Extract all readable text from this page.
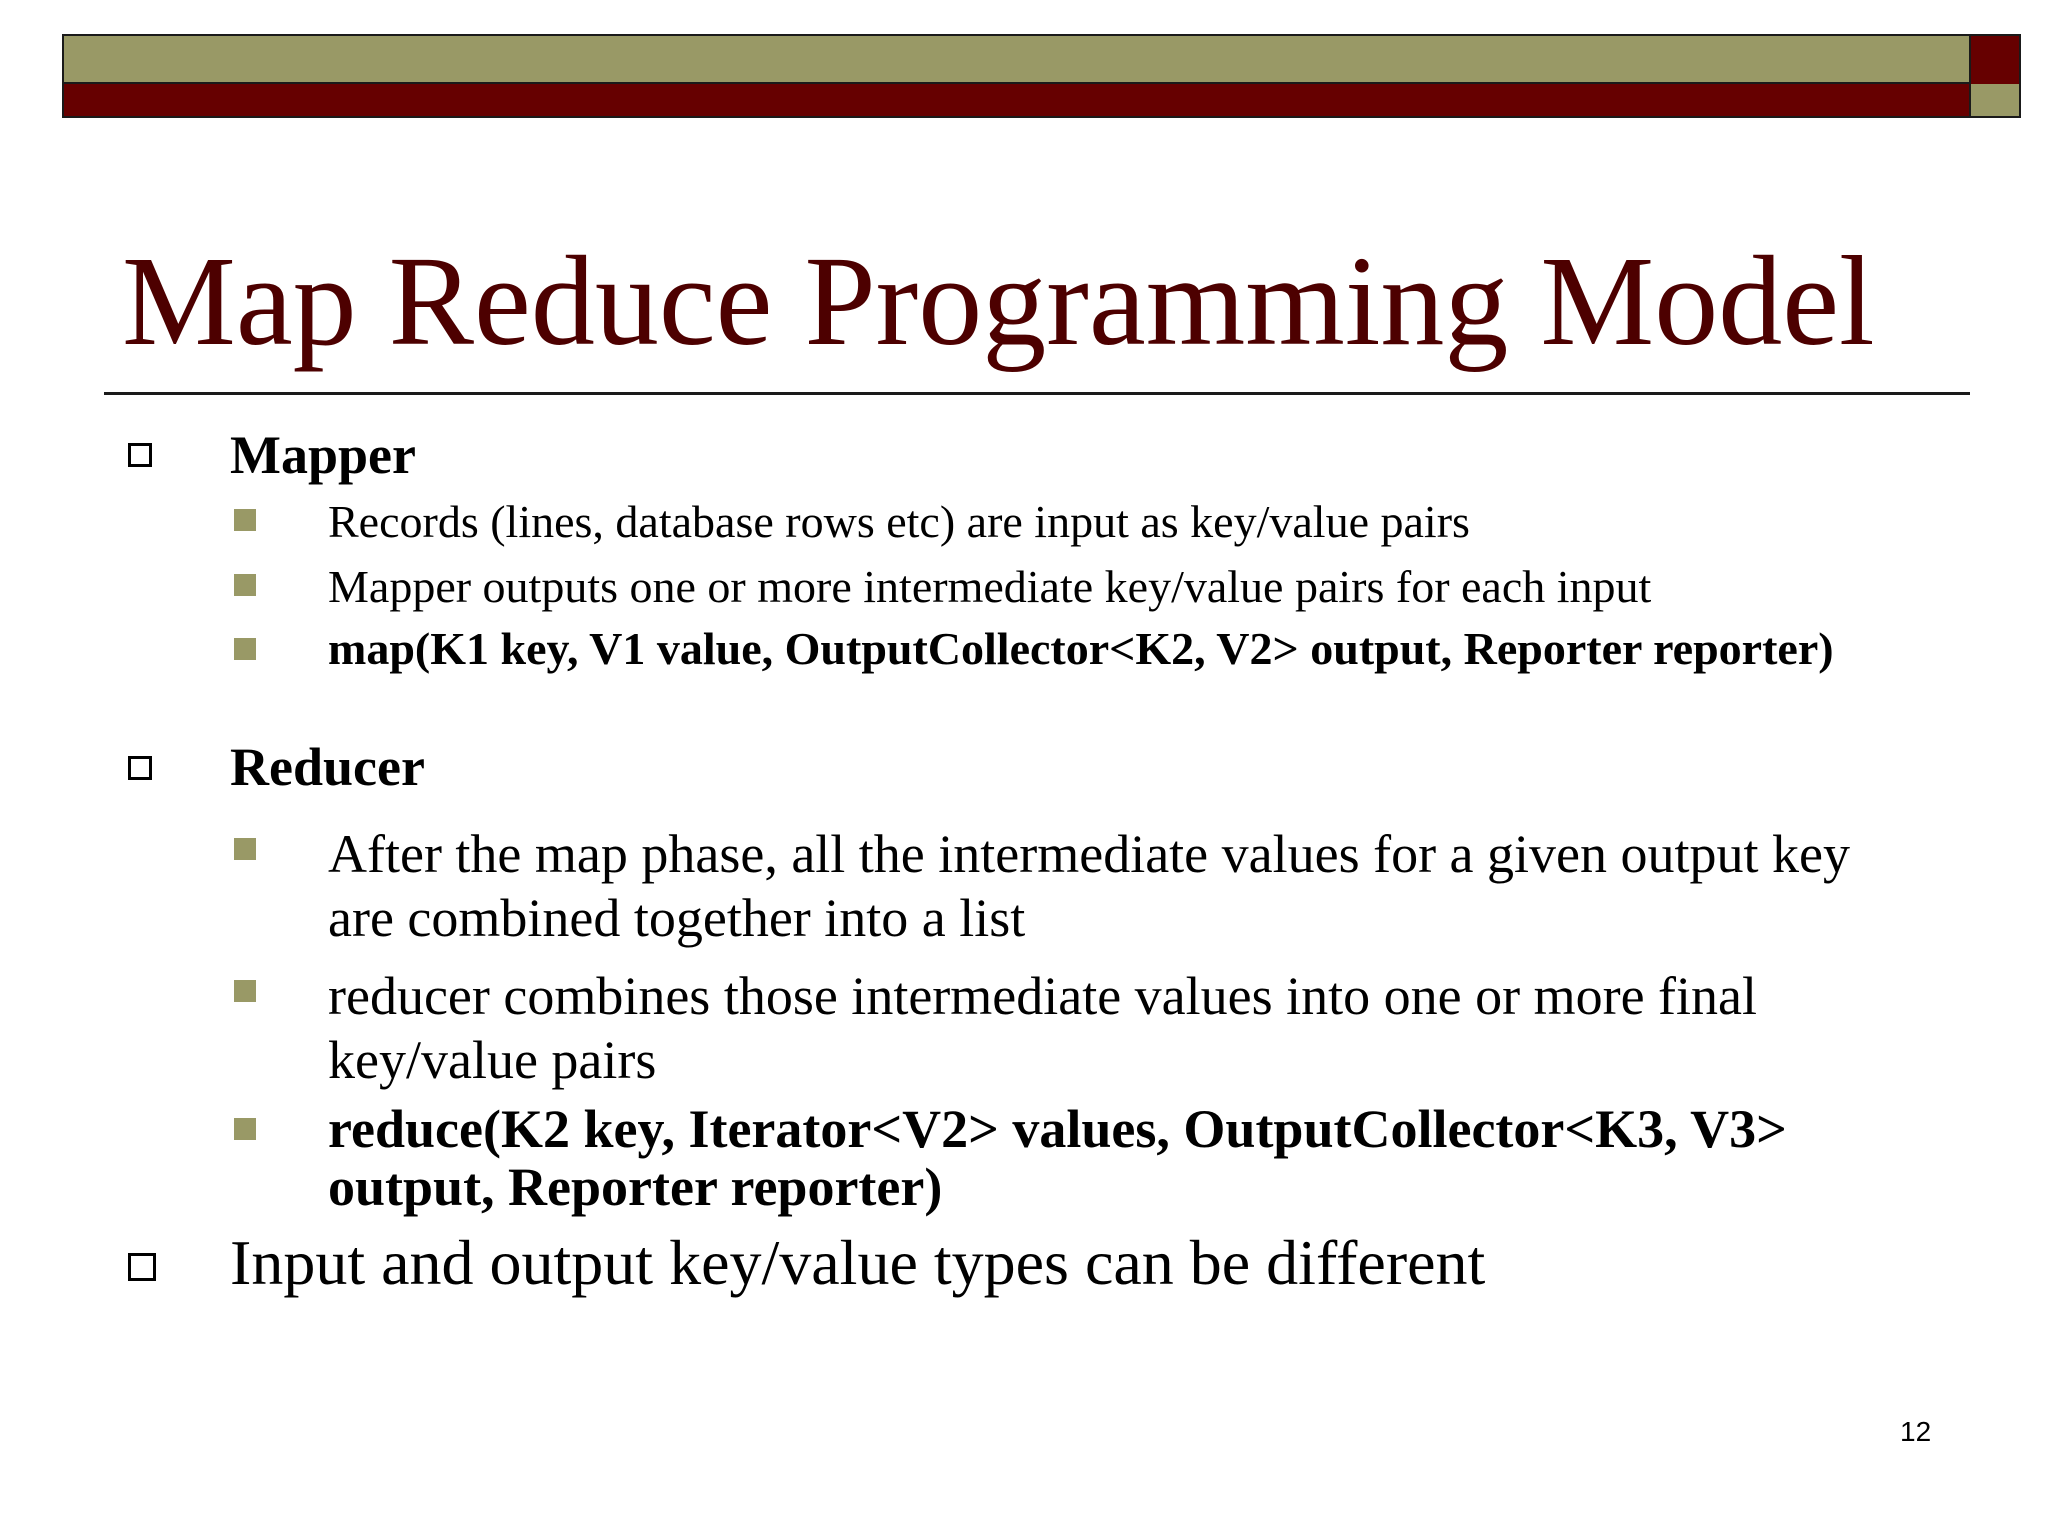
Map Reduce Programming Model
Mapper
Records (lines, database rows etc) are input as key/value pairs
Mapper outputs one or more intermediate key/value pairs for each input
map(K1 key, V1 value, OutputCollector<K2, V2> output, Reporter reporter)
Reducer
After the map phase, all the intermediate values for a given output key are combined together into a list
reducer combines those intermediate values into one or more final key/value pairs
reduce(K2 key, Iterator<V2> values, OutputCollector<K3, V3> output, Reporter reporter)
Input and output key/value types can be different
12
